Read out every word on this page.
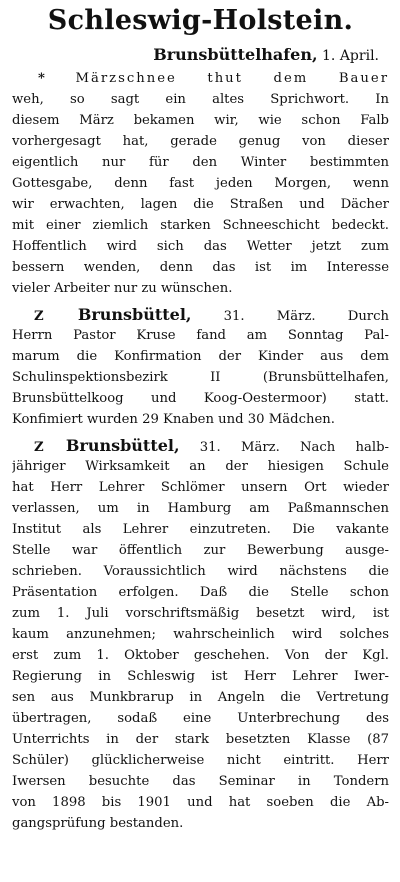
Schleswig-Holstein.
Brunsbüttelhafen, 1. April.
* Märzschnee thut dem Bauer
weh, so sagt ein altes Sprichwort. In
diesem März bekamen wir, wie schon Falb
vorhergesagt hat, gerade genug von dieser
eigentlich nur für den Winter bestimmten
Gottesgabe, denn fast jeden Morgen, wenn
wir erwachten, lagen die Straßen und Dächer
mit einer ziemlich starken Schneeschicht bedeckt.
Hoffentlich wird sich das Wetter jetzt zum
bessern wenden, denn das ist im Interesse
vieler Arbeiter nur zu wünschen.
Z Brunsbüttel, 31. März. Durch
Herrn Pastor Kruse fand am Sonntag Pal-
marum die Konfirmation der Kinder aus dem
Schulinspektionsbezirk II (Brunsbüttelhafen,
Brunsbüttelkoog und Koog-Oestermoor) statt.
Konfimiert wurden 29 Knaben und 30 Mädchen.
Z Brunsbüttel, 31. März. Nach halb-
jähriger Wirksamkeit an der hiesigen Schule
hat Herr Lehrer Schlömer unsern Ort wieder
verlassen, um in Hamburg am Paßmannschen
Institut als Lehrer einzutreten. Die vakante
Stelle war öffentlich zur Bewerbung ausge-
schrieben. Voraussichtlich wird nächstens die
Präsentation erfolgen. Daß die Stelle schon
zum 1. Juli vorschriftsmäßig besetzt wird, ist
kaum anzunehmen; wahrscheinlich wird solches
erst zum 1. Oktober geschehen. Von der Kgl.
Regierung in Schleswig ist Herr Lehrer Iwer-
sen aus Munkbrarup in Angeln die Vertretung
übertragen, sodaß eine Unterbrechung des
Unterrichts in der stark besetzten Klasse (87
Schüler) glücklicherweise nicht eintritt. Herr
Iwersen besuchte das Seminar in Tondern
von 1898 bis 1901 und hat soeben die Ab-
gangsprüfung bestanden.
